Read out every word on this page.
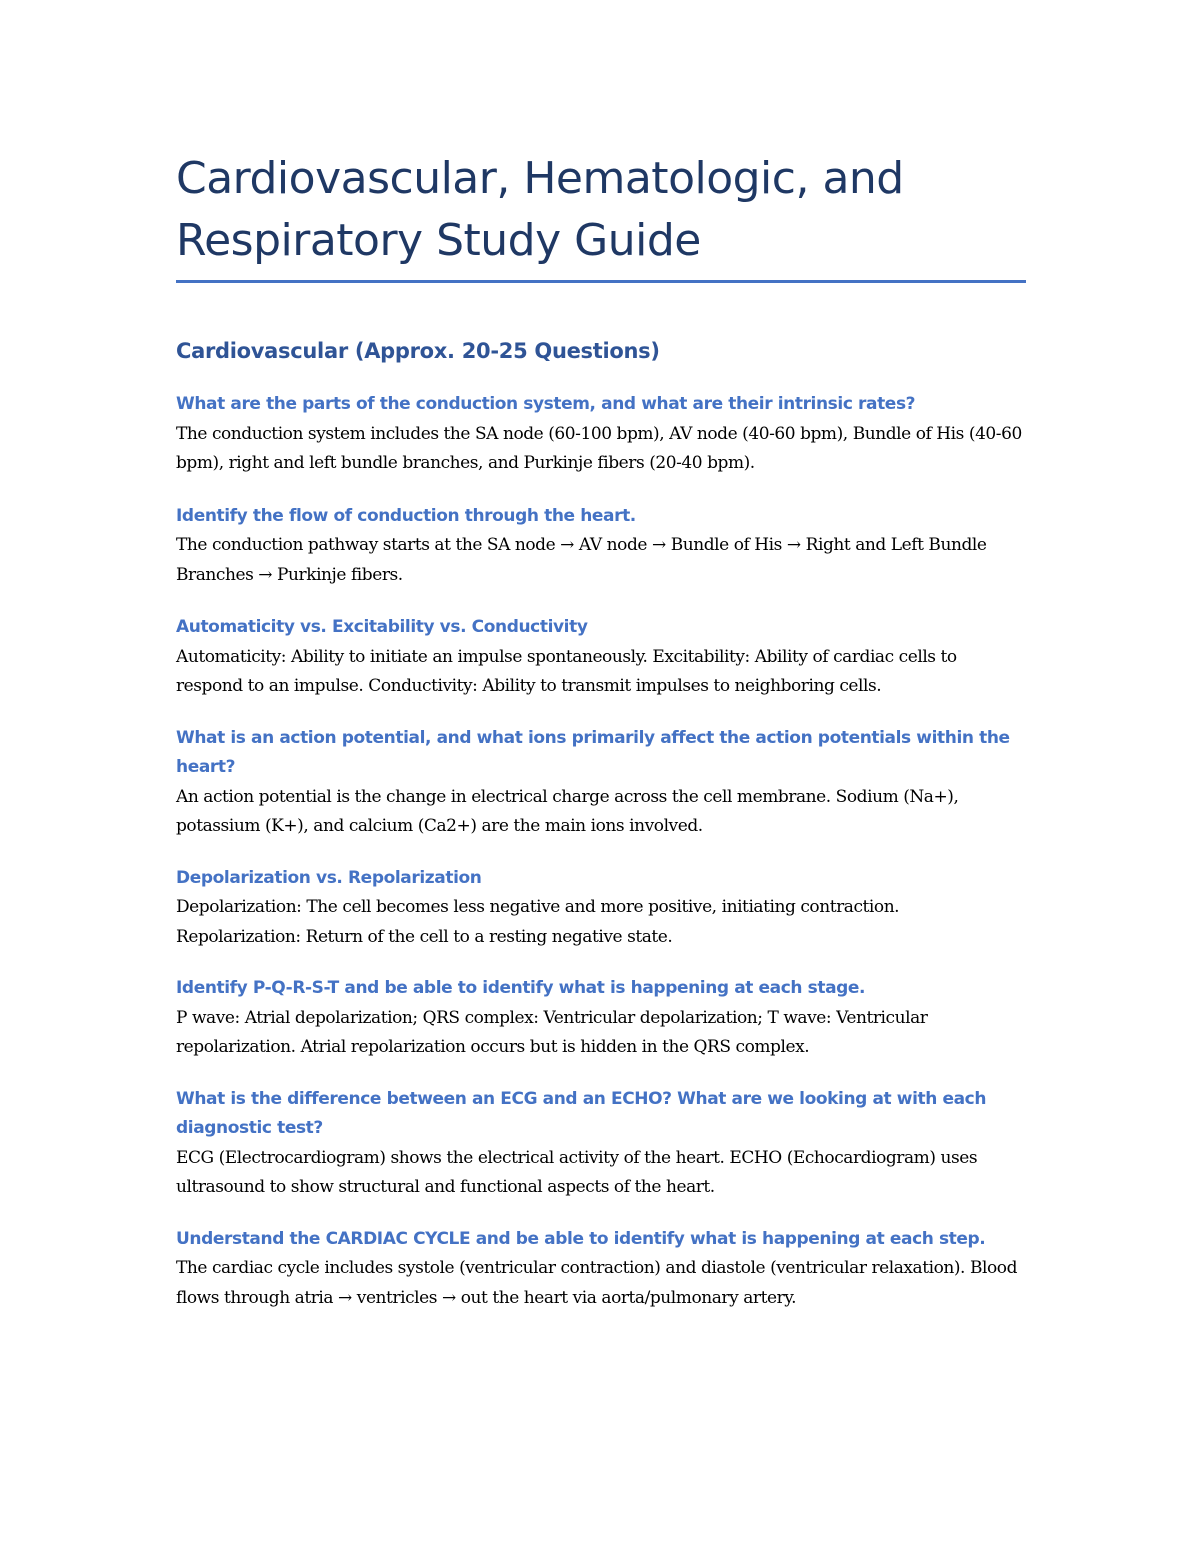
Cardiovascular, Hematologic, and Respiratory Study Guide
Cardiovascular (Approx. 20-25 Questions)

What are the parts of the conduction system, and what are their intrinsic rates?

The conduction system includes the SA node (60-100 bpm), AV node (40-60 bpm), Bundle of His (40-60 bpm), right and left bundle branches, and Purkinje fibers (20-40 bpm).

Identify the flow of conduction through the heart.

The conduction pathway starts at the SA node → AV node → Bundle of His → Right and Left Bundle Branches → Purkinje fibers.

Automaticity vs. Excitability vs. Conductivity

Automaticity: Ability to initiate an impulse spontaneously. Excitability: Ability of cardiac cells to respond to an impulse. Conductivity: Ability to transmit impulses to neighboring cells.

What is an action potential, and what ions primarily affect the action potentials within the heart?

An action potential is the change in electrical charge across the cell membrane. Sodium (Na+), potassium (K+), and calcium (Ca2+) are the main ions involved.

Depolarization vs. Repolarization

Depolarization: The cell becomes less negative and more positive, initiating contraction. Repolarization: Return of the cell to a resting negative state.

Identify P-Q-R-S-T and be able to identify what is happening at each stage.

P wave: Atrial depolarization; QRS complex: Ventricular depolarization; T wave: Ventricular repolarization. Atrial repolarization occurs but is hidden in the QRS complex.

What is the difference between an ECG and an ECHO? What are we looking at with each diagnostic test?

ECG (Electrocardiogram) shows the electrical activity of the heart. ECHO (Echocardiogram) uses ultrasound to show structural and functional aspects of the heart.

Understand the CARDIAC CYCLE and be able to identify what is happening at each step.

The cardiac cycle includes systole (ventricular contraction) and diastole (ventricular relaxation). Blood flows through atria → ventricles → out the heart via aorta/pulmonary artery.
